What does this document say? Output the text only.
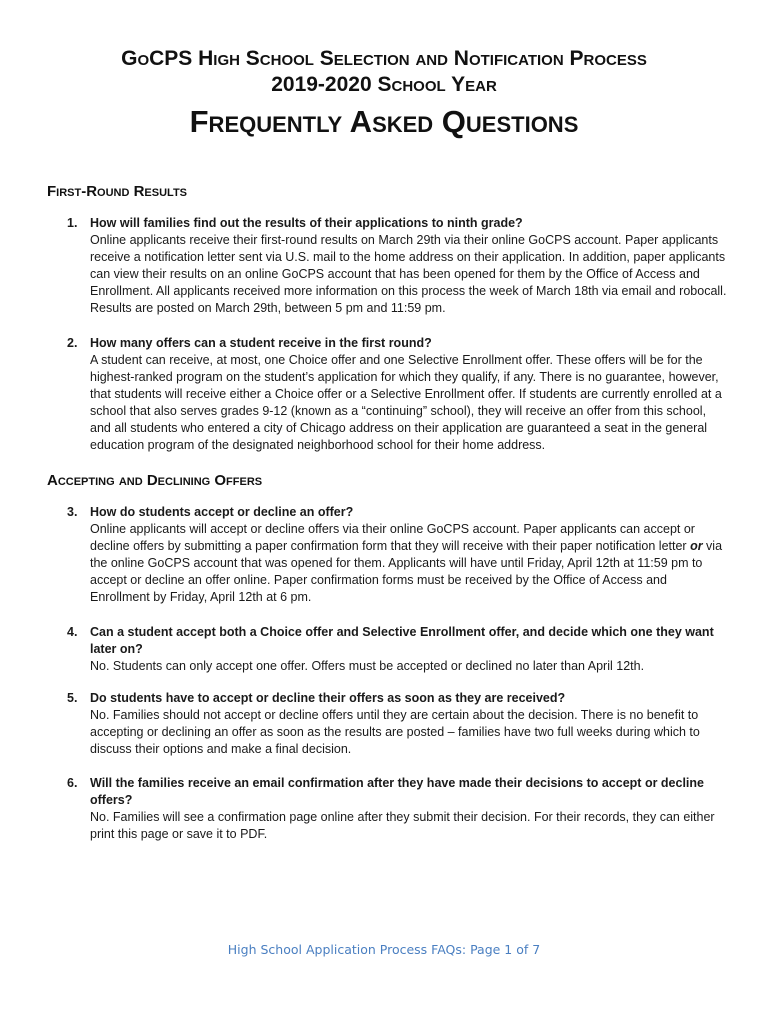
GoCPS High School Selection and Notification Process
2019-2020 School Year
Frequently Asked Questions
First-Round Results
1. How will families find out the results of their applications to ninth grade?

Online applicants receive their first-round results on March 29th via their online GoCPS account. Paper applicants receive a notification letter sent via U.S. mail to the home address on their application. In addition, paper applicants can view their results on an online GoCPS account that has been opened for them by the Office of Access and Enrollment. All applicants received more information on this process the week of March 18th via email and robocall. Results are posted on March 29th, between 5 pm and 11:59 pm.

2. How many offers can a student receive in the first round?

A student can receive, at most, one Choice offer and one Selective Enrollment offer. These offers will be for the highest-ranked program on the student’s application for which they qualify, if any. There is no guarantee, however, that students will receive either a Choice offer or a Selective Enrollment offer. If students are currently enrolled at a school that also serves grades 9-12 (known as a “continuing” school), they will receive an offer from this school, and all students who entered a city of Chicago address on their application are guaranteed a seat in the general education program of the designated neighborhood school for their home address.

Accepting and Declining Offers
3. How do students accept or decline an offer?

Online applicants will accept or decline offers via their online GoCPS account. Paper applicants can accept or decline offers by submitting a paper confirmation form that they will receive with their paper notification letter or via the online GoCPS account that was opened for them. Applicants will have until Friday, April 12th at 11:59 pm to accept or decline an offer online. Paper confirmation forms must be received by the Office of Access and Enrollment by Friday, April 12th at 6 pm.

4. Can a student accept both a Choice offer and Selective Enrollment offer, and decide which one they want later on?

No. Students can only accept one offer. Offers must be accepted or declined no later than April 12th.

5. Do students have to accept or decline their offers as soon as they are received?

No. Families should not accept or decline offers until they are certain about the decision. There is no benefit to accepting or declining an offer as soon as the results are posted – families have two full weeks during which to discuss their options and make a final decision.

6. Will the families receive an email confirmation after they have made their decisions to accept or decline offers?

No. Families will see a confirmation page online after they submit their decision. For their records, they can either print this page or save it to PDF.

High School Application Process FAQs: Page 1 of 7
